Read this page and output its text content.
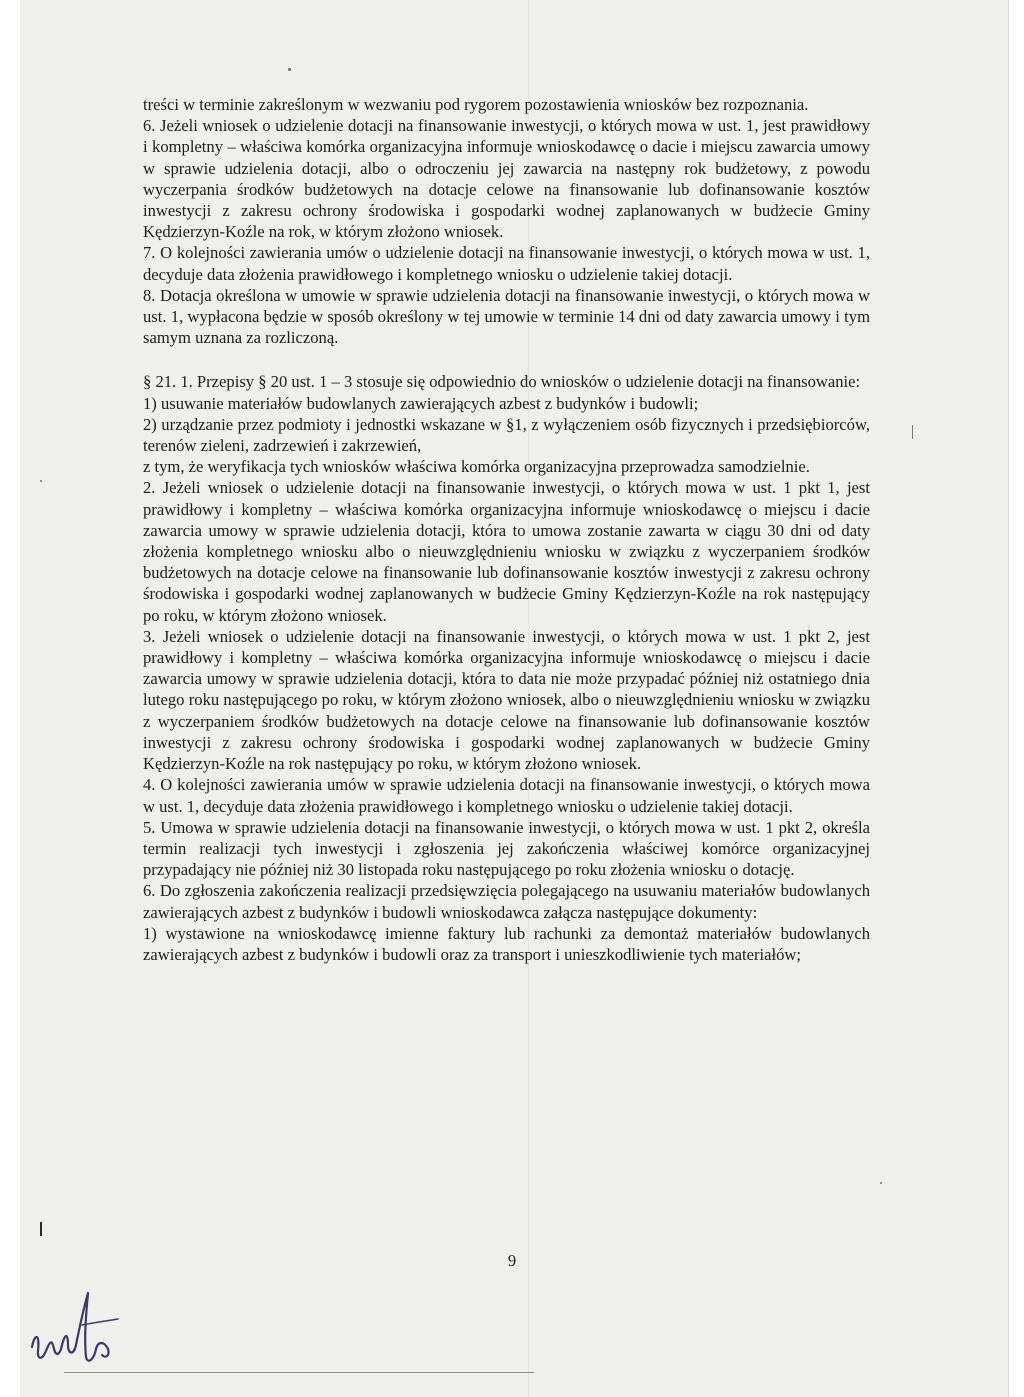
treści w terminie zakreślonym w wezwaniu pod rygorem pozostawienia wniosków bez rozpoznania.

6. Jeżeli wniosek o udzielenie dotacji na finansowanie inwestycji, o których mowa w ust. 1, jest prawidłowy i kompletny – właściwa komórka organizacyjna informuje wnioskodawcę o dacie i miejscu zawarcia umowy w sprawie udzielenia dotacji, albo o odroczeniu jej zawarcia na następny rok budżetowy, z powodu wyczerpania środków budżetowych na dotacje celowe na finansowanie lub dofinansowanie kosztów inwestycji z zakresu ochrony środowiska i gospodarki wodnej zaplanowanych w budżecie Gminy Kędzierzyn-Koźle na rok, w którym złożono wniosek.

7. O kolejności zawierania umów o udzielenie dotacji na finansowanie inwestycji, o których mowa w ust. 1, decyduje data złożenia prawidłowego i kompletnego wniosku o udzielenie takiej dotacji.

8. Dotacja określona w umowie w sprawie udzielenia dotacji na finansowanie inwestycji, o których mowa w ust. 1, wypłacona będzie w sposób określony w tej umowie w terminie 14 dni od daty zawarcia umowy i tym samym uznana za rozliczoną.

§ 21. 1. Przepisy § 20 ust. 1 – 3 stosuje się odpowiednio do wniosków o udzielenie dotacji na finansowanie:

1) usuwanie materiałów budowlanych zawierających azbest z budynków i budowli;

2) urządzanie przez podmioty i jednostki wskazane w §1, z wyłączeniem osób fizycznych i przedsiębiorców, terenów zieleni, zadrzewień i zakrzewień,

z tym, że weryfikacja tych wniosków właściwa komórka organizacyjna przeprowadza samodzielnie.

2. Jeżeli wniosek o udzielenie dotacji na finansowanie inwestycji, o których mowa w ust. 1 pkt 1, jest prawidłowy i kompletny – właściwa komórka organizacyjna informuje wnioskodawcę o miejscu i dacie zawarcia umowy w sprawie udzielenia dotacji, która to umowa zostanie zawarta w ciągu 30 dni od daty złożenia kompletnego wniosku albo o nieuwzględnieniu wniosku w związku z wyczerpaniem środków budżetowych na dotacje celowe na finansowanie lub dofinansowanie kosztów inwestycji z zakresu ochrony środowiska i gospodarki wodnej zaplanowanych w budżecie Gminy Kędzierzyn-Koźle na rok następujący po roku, w którym złożono wniosek.

3. Jeżeli wniosek o udzielenie dotacji na finansowanie inwestycji, o których mowa w ust. 1 pkt 2, jest prawidłowy i kompletny – właściwa komórka organizacyjna informuje wnioskodawcę o miejscu i dacie zawarcia umowy w sprawie udzielenia dotacji, która to data nie może przypadać później niż ostatniego dnia lutego roku następującego po roku, w którym złożono wniosek, albo o nieuwzględnieniu wniosku w związku z wyczerpaniem środków budżetowych na dotacje celowe na finansowanie lub dofinansowanie kosztów inwestycji z zakresu ochrony środowiska i gospodarki wodnej zaplanowanych w budżecie Gminy Kędzierzyn-Koźle na rok następujący po roku, w którym złożono wniosek.

4. O kolejności zawierania umów w sprawie udzielenia dotacji na finansowanie inwestycji, o których mowa w ust. 1, decyduje data złożenia prawidłowego i kompletnego wniosku o udzielenie takiej dotacji.

5. Umowa w sprawie udzielenia dotacji na finansowanie inwestycji, o których mowa w ust. 1 pkt 2, określa termin realizacji tych inwestycji i zgłoszenia jej zakończenia właściwej komórce organizacyjnej przypadający nie później niż 30 listopada roku następującego po roku złożenia wniosku o dotację.

6. Do zgłoszenia zakończenia realizacji przedsięwzięcia polegającego na usuwaniu materiałów budowlanych zawierających azbest z budynków i budowli wnioskodawca załącza następujące dokumenty:

1) wystawione na wnioskodawcę imienne faktury lub rachunki za demontaż materiałów budowlanych zawierających azbest z budynków i budowli oraz za transport i unieszkodliwienie tych materiałów;

9
